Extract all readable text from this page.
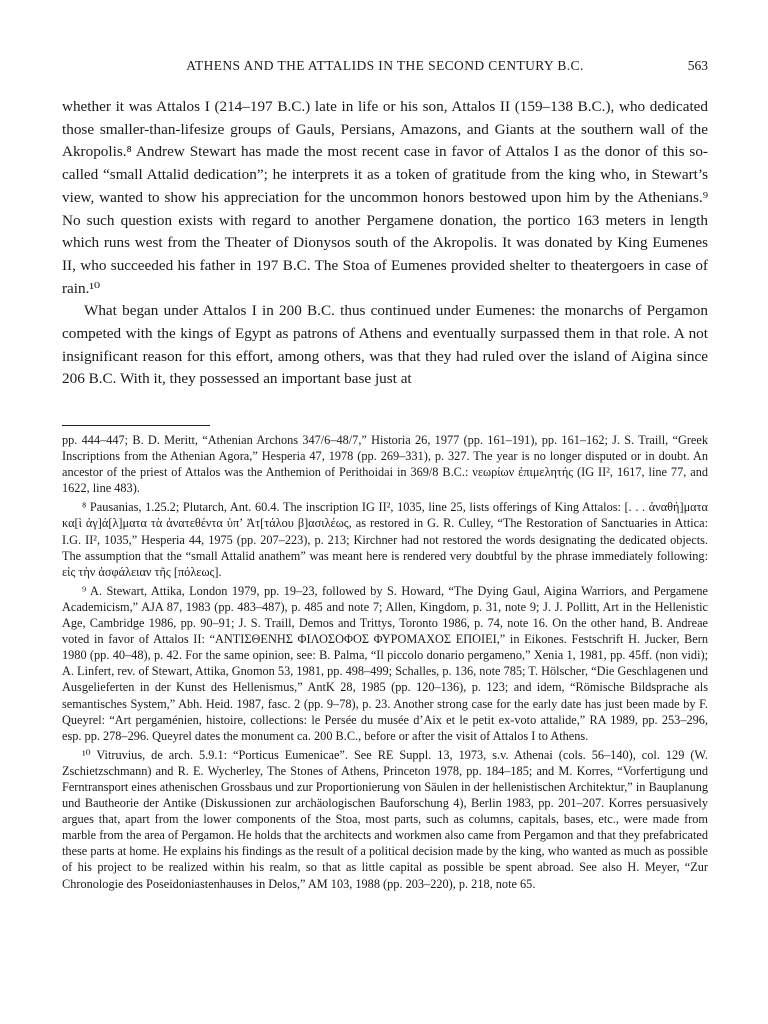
ATHENS AND THE ATTALIDS IN THE SECOND CENTURY B.C.	563

whether it was Attalos I (214–197 B.C.) late in life or his son, Attalos II (159–138 B.C.), who dedicated those smaller-than-lifesize groups of Gauls, Persians, Amazons, and Giants at the southern wall of the Akropolis.⁸ Andrew Stewart has made the most recent case in favor of Attalos I as the donor of this so-called “small Attalid dedication”; he interprets it as a token of gratitude from the king who, in Stewart’s view, wanted to show his appreciation for the uncommon honors bestowed upon him by the Athenians.⁹ No such question exists with regard to another Pergamene donation, the portico 163 meters in length which runs west from the Theater of Dionysos south of the Akropolis. It was donated by King Eumenes II, who succeeded his father in 197 B.C. The Stoa of Eumenes provided shelter to theatergoers in case of rain.¹⁰

What began under Attalos I in 200 B.C. thus continued under Eumenes: the monarchs of Pergamon competed with the kings of Egypt as patrons of Athens and eventually surpassed them in that role. A not insignificant reason for this effort, among others, was that they had ruled over the island of Aigina since 206 B.C. With it, they possessed an important base just at

pp. 444–447; B. D. Meritt, “Athenian Archons 347/6–48/7,” Historia 26, 1977 (pp. 161–191), pp. 161–162; J. S. Traill, “Greek Inscriptions from the Athenian Agora,” Hesperia 47, 1978 (pp. 269–331), p. 327. The year is no longer disputed or in doubt. An ancestor of the priest of Attalos was the Anthemion of Perithoidai in 369/8 B.C.: νεωρίων ἐπιμελητής (IG II², 1617, line 77, and 1622, line 483).

⁸ Pausanias, 1.25.2; Plutarch, Ant. 60.4. The inscription IG II², 1035, line 25, lists offerings of King Attalos: [. . . ἀναθή]ματα κα[ὶ ἀγ]ά[λ]ματα τὰ ἀνατεθέντα ὑπ’ Ἀτ[τάλου β]ασιλέως, as restored in G. R. Culley, “The Restoration of Sanctuaries in Attica: I.G. II², 1035,” Hesperia 44, 1975 (pp. 207–223), p. 213; Kirchner had not restored the words designating the dedicated objects. The assumption that the “small Attalid anathem” was meant here is rendered very doubtful by the phrase immediately following: εἰς τὴν ἀσφάλειαν τῆς [πόλεως].

⁹ A. Stewart, Attika, London 1979, pp. 19–23, followed by S. Howard, “The Dying Gaul, Aigina Warriors, and Pergamene Academicism,” AJA 87, 1983 (pp. 483–487), p. 485 and note 7; Allen, Kingdom, p. 31, note 9; J. J. Pollitt, Art in the Hellenistic Age, Cambridge 1986, pp. 90–91; J. S. Traill, Demos and Trittys, Toronto 1986, p. 74, note 16. On the other hand, B. Andreae voted in favor of Attalos II: “ΑΝΤΙΣΘΕΝΗΣ ΦΙΛΟΣΟΦΟΣ ΦΥΡΟΜΑΧΟΣ ΕΠΟΙΕΙ,” in Eikones. Festschrift H. Jucker, Bern 1980 (pp. 40–48), p. 42. For the same opinion, see: B. Palma, “Il piccolo donario pergameno,” Xenia 1, 1981, pp. 45ff. (non vidi); A. Linfert, rev. of Stewart, Attika, Gnomon 53, 1981, pp. 498–499; Schalles, p. 136, note 785; T. Hölscher, “Die Geschlagenen und Ausgelieferten in der Kunst des Hellenismus,” AntK 28, 1985 (pp. 120–136), p. 123; and idem, “Römische Bildsprache als semantisches System,” Abh. Heid. 1987, fasc. 2 (pp. 9–78), p. 23. Another strong case for the early date has just been made by F. Queyrel: “Art pergaménien, histoire, collections: le Persée du musée d’Aix et le petit ex-voto attalide,” RA 1989, pp. 253–296, esp. pp. 278–296. Queyrel dates the monument ca. 200 B.C., before or after the visit of Attalos I to Athens.

¹⁰ Vitruvius, de arch. 5.9.1: “Porticus Eumenicae”. See RE Suppl. 13, 1973, s.v. Athenai (cols. 56–140), col. 129 (W. Zschietzschmann) and R. E. Wycherley, The Stones of Athens, Princeton 1978, pp. 184–185; and M. Korres, “Vorfertigung und Ferntransport eines athenischen Grossbaus und zur Proportionierung von Säulen in der hellenistischen Architektur,” in Bauplanung und Bautheorie der Antike (Diskussionen zur archäologischen Bauforschung 4), Berlin 1983, pp. 201–207. Korres persuasively argues that, apart from the lower components of the Stoa, most parts, such as columns, capitals, bases, etc., were made from marble from the area of Pergamon. He holds that the architects and workmen also came from Pergamon and that they prefabricated these parts at home. He explains his findings as the result of a political decision made by the king, who wanted as much as possible of his project to be realized within his realm, so that as little capital as possible be spent abroad. See also H. Meyer, “Zur Chronologie des Poseidoniastenhauses in Delos,” AM 103, 1988 (pp. 203–220), p. 218, note 65.
